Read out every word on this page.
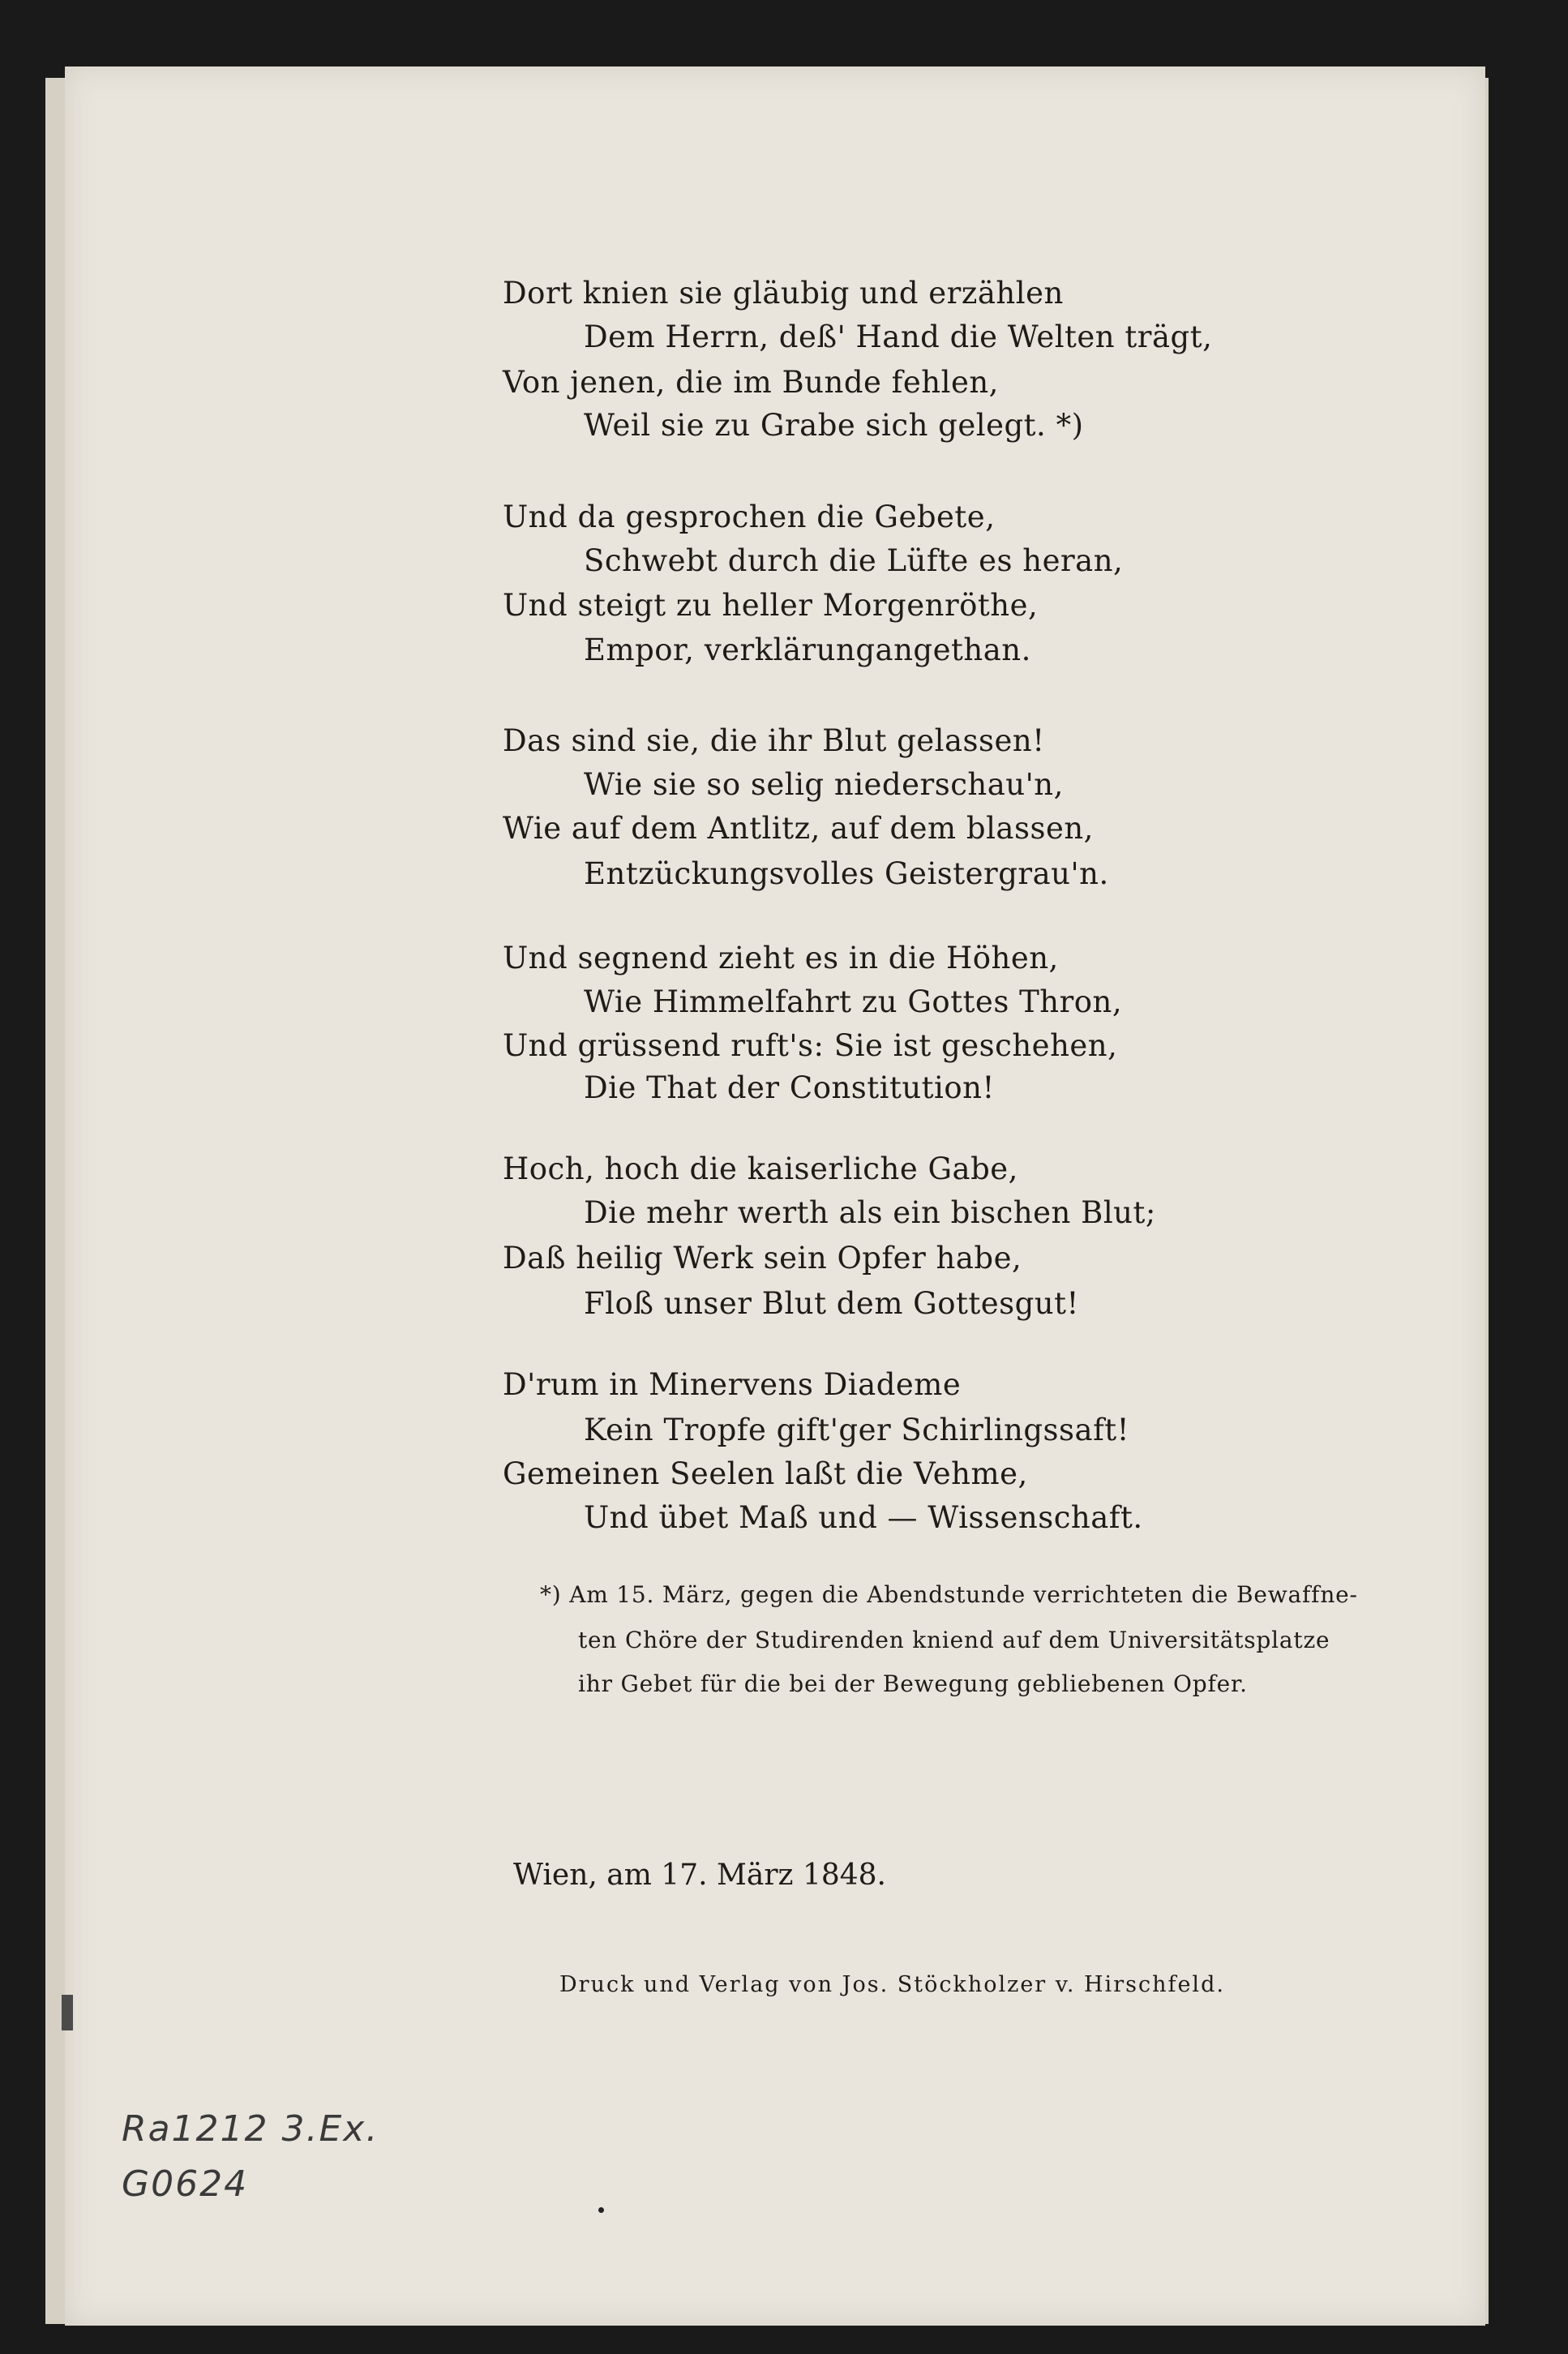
Dort knien sie gläubig und erzählen
Dem Herrn, deß' Hand die Welten trägt,
Von jenen, die im Bunde fehlen,
Weil sie zu Grabe sich gelegt. *)
Und da gesprochen die Gebete,
Schwebt durch die Lüfte es heran,
Und steigt zu heller Morgenröthe,
Empor, verklärungangethan.
Das sind sie, die ihr Blut gelassen!
Wie sie so selig niederschau'n,
Wie auf dem Antlitz, auf dem blassen,
Entzückungsvolles Geistergrau'n.
Und segnend zieht es in die Höhen,
Wie Himmelfahrt zu Gottes Thron,
Und grüssend ruft's: Sie ist geschehen,
Die That der Constitution!
Hoch, hoch die kaiserliche Gabe,
Die mehr werth als ein bischen Blut;
Daß heilig Werk sein Opfer habe,
Floß unser Blut dem Gottesgut!
D'rum in Minervens Diademe
Kein Tropfe gift'ger Schirlingssaft!
Gemeinen Seelen laßt die Vehme,
Und übet Maß und — Wissenschaft.
*) Am 15. März, gegen die Abendstunde verrichteten die Bewaffne-
ten Chöre der Studirenden kniend auf dem Universitätsplatze
ihr Gebet für die bei der Bewegung gebliebenen Opfer.
Wien, am 17. März 1848.
Druck und Verlag von Jos. Stöckholzer v. Hirschfeld.
Ra1212 3.Ex.
G0624
